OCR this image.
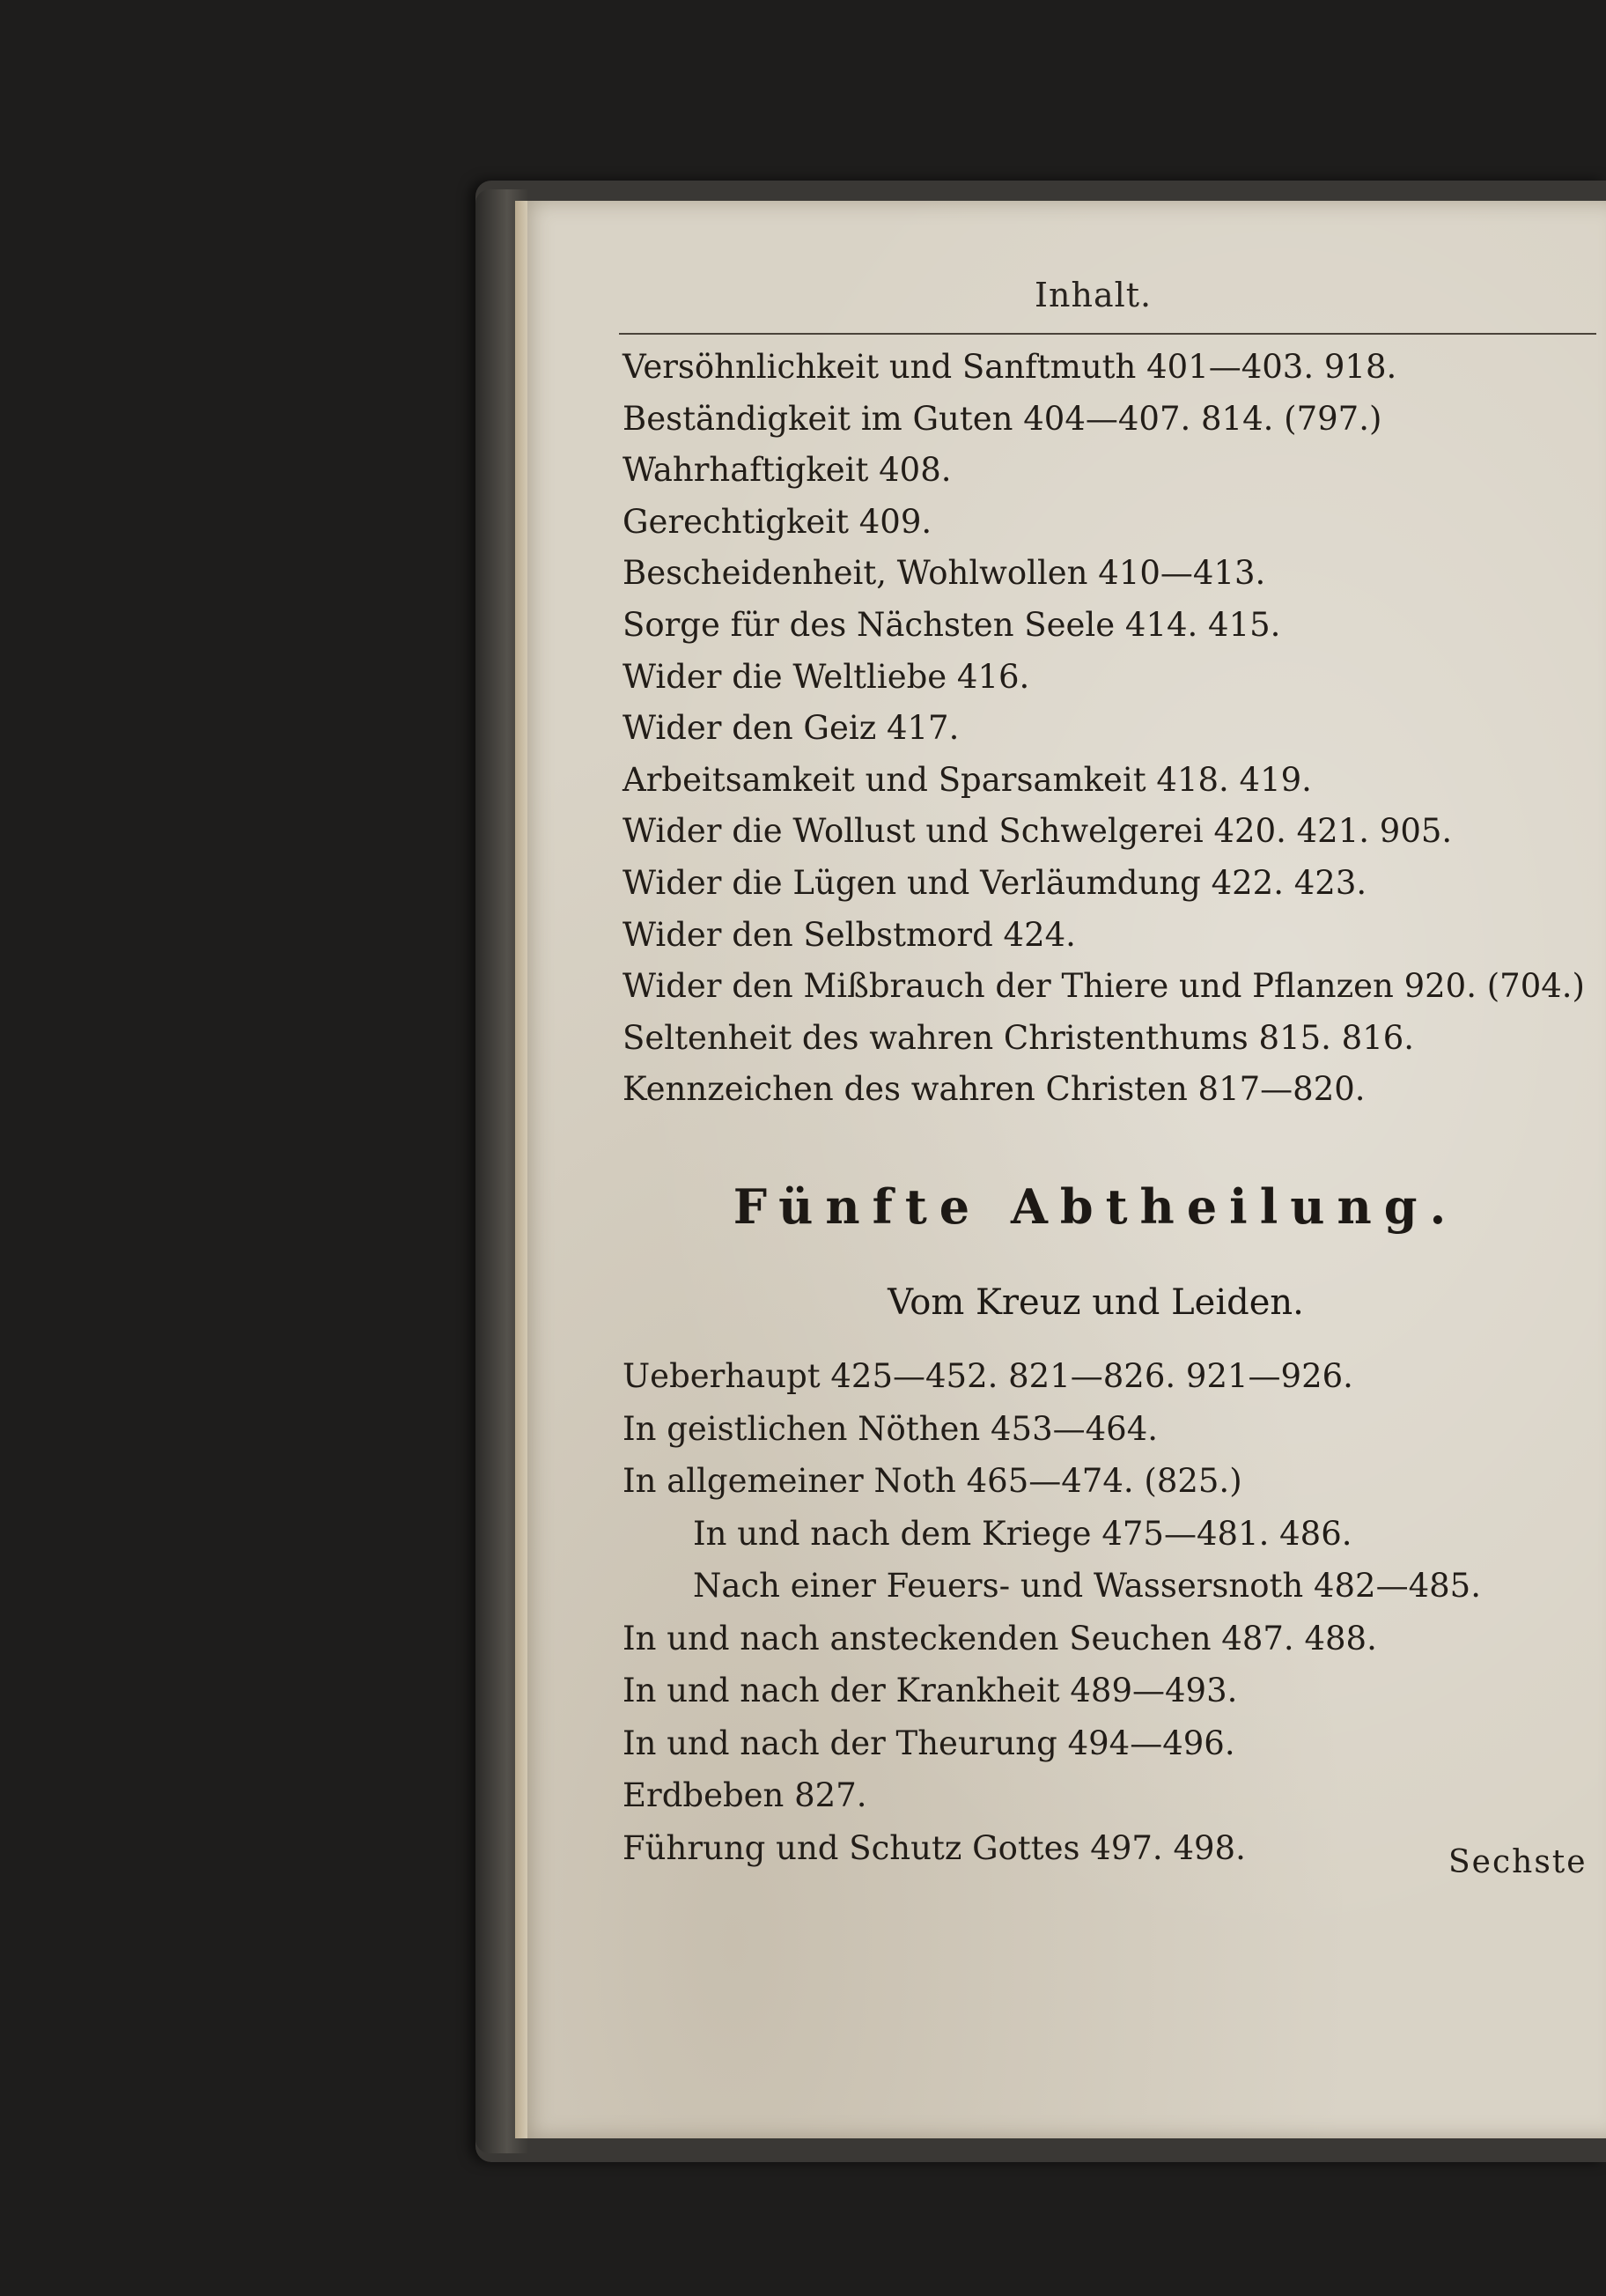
Inhalt.
Versöhnlichkeit und Sanftmuth 401—403. 918.
Beständigkeit im Guten 404—407. 814. (797.)
Wahrhaftigkeit 408.
Gerechtigkeit 409.
Bescheidenheit, Wohlwollen 410—413.
Sorge für des Nächsten Seele 414. 415.
Wider die Weltliebe 416.
Wider den Geiz 417.
Arbeitsamkeit und Sparsamkeit 418. 419.
Wider die Wollust und Schwelgerei 420. 421. 905.
Wider die Lügen und Verläumdung 422. 423.
Wider den Selbstmord 424.
Wider den Mißbrauch der Thiere und Pflanzen 920. (704.)
Seltenheit des wahren Christenthums 815. 816.
Kennzeichen des wahren Christen 817—820.
Fünfte Abtheilung.
Vom Kreuz und Leiden.
Ueberhaupt 425—452. 821—826. 921—926.
In geistlichen Nöthen 453—464.
In allgemeiner Noth 465—474. (825.)
In und nach dem Kriege 475—481. 486.
Nach einer Feuers- und Wassersnoth 482—485.
In und nach ansteckenden Seuchen 487. 488.
In und nach der Krankheit 489—493.
In und nach der Theurung 494—496.
Erdbeben 827.
Führung und Schutz Gottes 497. 498.	Sechste
